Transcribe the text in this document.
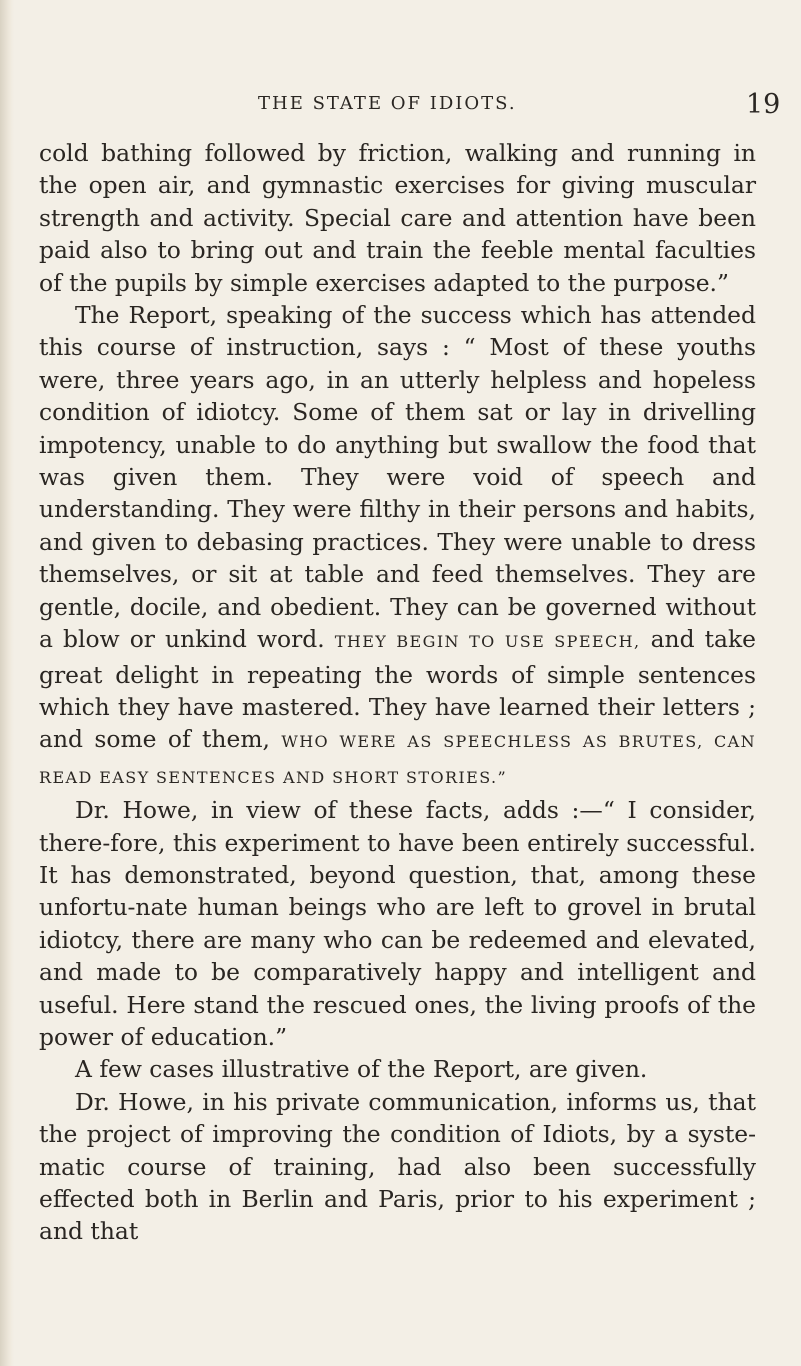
THE STATE OF IDIOTS.	19

cold bathing followed by friction, walking and running in the open air, and gymnastic exercises for giving muscular strength and activity. Special care and attention have been paid also to bring out and train the feeble mental faculties of the pupils by simple exercises adapted to the purpose.”

The Report, speaking of the success which has attended this course of instruction, says : “ Most of these youths were, three years ago, in an utterly helpless and hopeless condition of idiotcy. Some of them sat or lay in drivelling impotency, unable to do anything but swallow the food that was given them. They were void of speech and understanding. They were filthy in their persons and habits, and given to debasing practices. They were unable to dress themselves, or sit at table and feed themselves. They are gentle, docile, and obedient. They can be governed without a blow or unkind word. THEY BEGIN TO USE SPEECH, and take great delight in repeating the words of simple sentences which they have mastered. They have learned their letters ; and some of them, WHO WERE AS SPEECHLESS AS BRUTES, CAN READ EASY SENTENCES AND SHORT STORIES.”

Dr. Howe, in view of these facts, adds :—“ I consider, there-fore, this experiment to have been entirely successful. It has demonstrated, beyond question, that, among these unfortu-nate human beings who are left to grovel in brutal idiotcy, there are many who can be redeemed and elevated, and made to be comparatively happy and intelligent and useful. Here stand the rescued ones, the living proofs of the power of education.”

A few cases illustrative of the Report, are given.

Dr. Howe, in his private communication, informs us, that the project of improving the condition of Idiots, by a syste-matic course of training, had also been successfully effected both in Berlin and Paris, prior to his experiment ; and that
